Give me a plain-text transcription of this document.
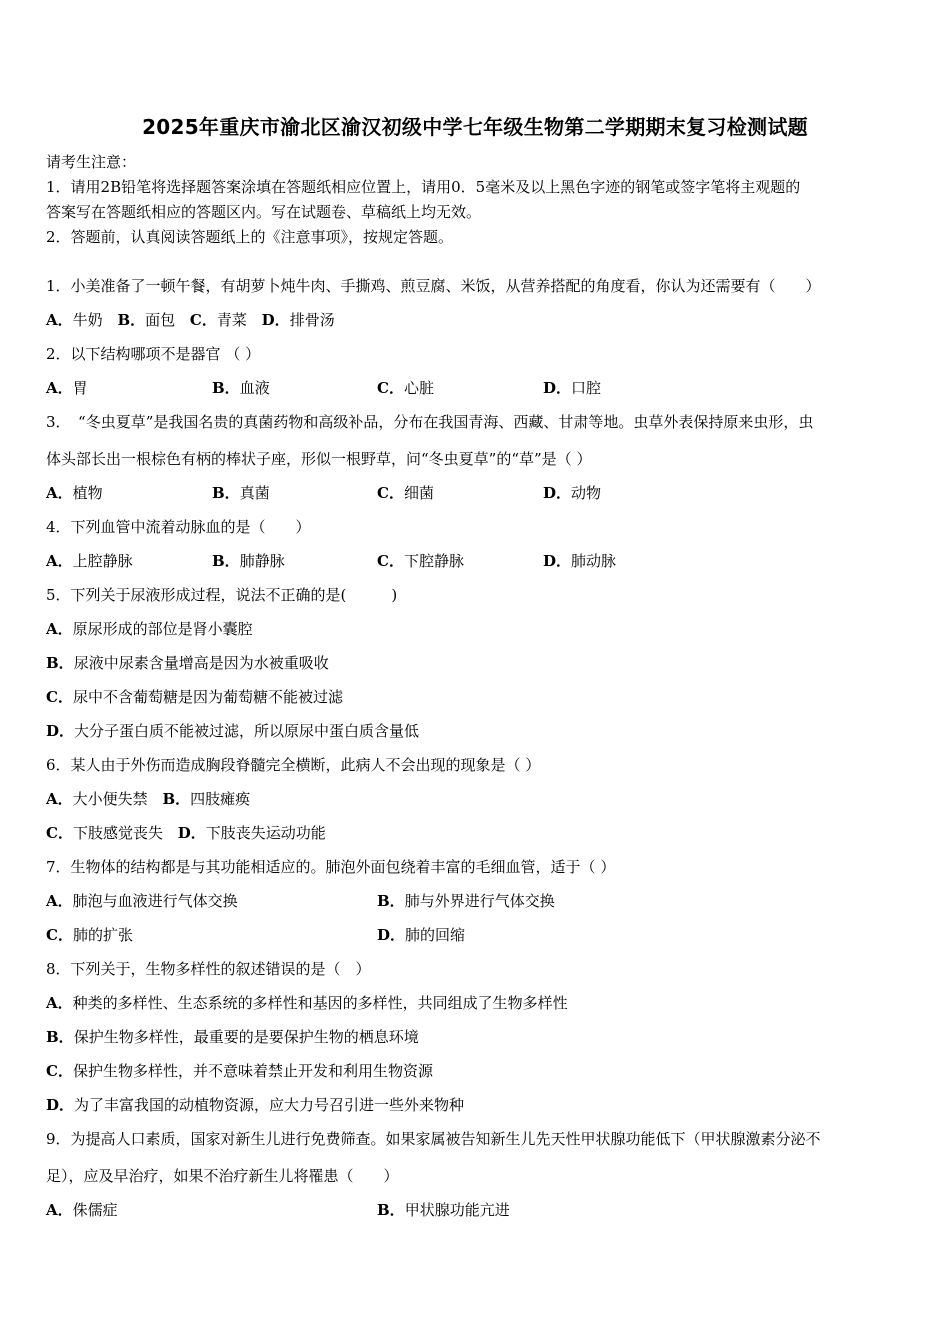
2025年重庆市渝北区渝汉初级中学七年级生物第二学期期末复习检测试题
请考生注意：
1．请用2B铅笔将选择题答案涂填在答题纸相应位置上，请用0．5毫米及以上黑色字迹的钢笔或签字笔将主观题的
答案写在答题纸相应的答题区内。写在试题卷、草稿纸上均无效。
2．答题前，认真阅读答题纸上的《注意事项》，按规定答题。
1．小美准备了一顿午餐，有胡萝卜炖牛肉、手撕鸡、煎豆腐、米饭，从营养搭配的角度看，你认为还需要有（　　）
A．牛奶 B．面包 C．青菜 D．排骨汤
2．以下结构哪项不是器官 （ ）
A．胃	B．血液	C．心脏	D．口腔
3．　“冬虫夏草”是我国名贵的真菌药物和高级补品，分布在我国青海、西藏、甘肃等地。虫草外表保持原来虫形，虫
体头部长出一根棕色有柄的棒状子座，形似一根野草，问“冬虫夏草”的“草”是（ ）
A．植物	B．真菌	C．细菌	D．动物
4．下列血管中流着动脉血的是（　　）
A．上腔静脉	B．肺静脉	C．下腔静脉	D．肺动脉
5．下列关于尿液形成过程，说法不正确的是(　　　)
A．原尿形成的部位是肾小囊腔
B．尿液中尿素含量增高是因为水被重吸收
C．尿中不含葡萄糖是因为葡萄糖不能被过滤
D．大分子蛋白质不能被过滤，所以原尿中蛋白质含量低
6．某人由于外伤而造成胸段脊髓完全横断，此病人不会出现的现象是（ ）
A．大小便失禁 B．四肢瘫痪
C．下肢感觉丧失 D．下肢丧失运动功能
7．生物体的结构都是与其功能相适应的。肺泡外面包绕着丰富的毛细血管，适于（ ）
A．肺泡与血液进行气体交换	B．肺与外界进行气体交换
C．肺的扩张	D．肺的回缩
8．下列关于，生物多样性的叙述错误的是（　）
A．种类的多样性、生态系统的多样性和基因的多样性，共同组成了生物多样性
B．保护生物多样性，最重要的是要保护生物的栖息环境
C．保护生物多样性，并不意味着禁止开发和利用生物资源
D．为了丰富我国的动植物资源，应大力号召引进一些外来物种
9．为提高人口素质，国家对新生儿进行免费筛查。如果家属被告知新生儿先天性甲状腺功能低下（甲状腺激素分泌不
足），应及早治疗，如果不治疗新生儿将罹患（　　）
A．侏儒症	B．甲状腺功能亢进
